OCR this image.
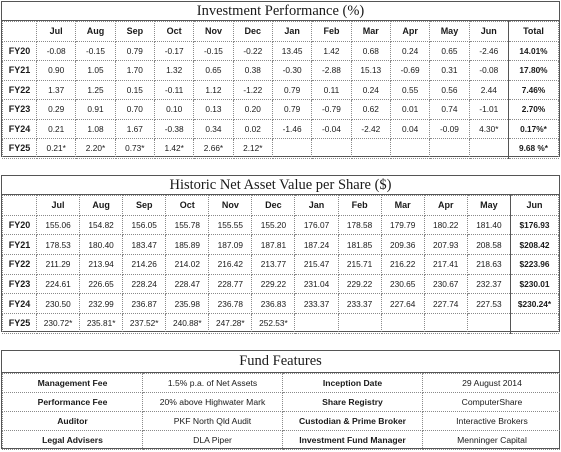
Investment Performance (%)
	Jul	Aug	Sep	Oct	Nov	Dec	Jan	Feb	Mar	Apr	May	Jun	Total
FY20	-0.08	-0.15	0.79	-0.17	-0.15	-0.22	13.45	1.42	0.68	0.24	0.65	-2.46	14.01%
FY21	0.90	1.05	1.70	1.32	0.65	0.38	-0.30	-2.88	15.13	-0.69	0.31	-0.08	17.80%
FY22	1.37	1.25	0.15	-0.11	1.12	-1.22	0.79	0.11	0.24	0.55	0.56	2.44	7.46%
FY23	0.29	0.91	0.70	0.10	0.13	0.20	0.79	-0.79	0.62	0.01	0.74	-1.01	2.70%
FY24	0.21	1.08	1.67	-0.38	0.34	0.02	-1.46	-0.04	-2.42	0.04	-0.09	4.30*	0.17%*
FY25	0.21*	2.20*	0.73*	1.42*	2.66*	2.12*							9.68 %*
Historic Net Asset Value per Share ($)
	Jul	Aug	Sep	Oct	Nov	Dec	Jan	Feb	Mar	Apr	May	Jun
FY20	155.06	154.82	156.05	155.78	155.55	155.20	176.07	178.58	179.79	180.22	181.40	$176.93
FY21	178.53	180.40	183.47	185.89	187.09	187.81	187.24	181.85	209.36	207.93	208.58	$208.42
FY22	211.29	213.94	214.26	214.02	216.42	213.77	215.47	215.71	216.22	217.41	218.63	$223.96
FY23	224.61	226.65	228.24	228.47	228.77	229.22	231.04	229.22	230.65	230.67	232.37	$230.01
FY24	230.50	232.99	236.87	235.98	236.78	236.83	233.37	233.37	227.64	227.74	227.53	$230.24*
FY25	230.72*	235.81*	237.52*	240.88*	247.28*	252.53*						
Fund Features
Management Fee	1.5% p.a. of Net Assets	Inception Date	29 August 2014
Performance Fee	20% above Highwater Mark	Share Registry	ComputerShare
Auditor	PKF North Qld Audit	Custodian & Prime Broker	Interactive Brokers
Legal Advisers	DLA Piper	Investment Fund Manager	Menninger Capital
